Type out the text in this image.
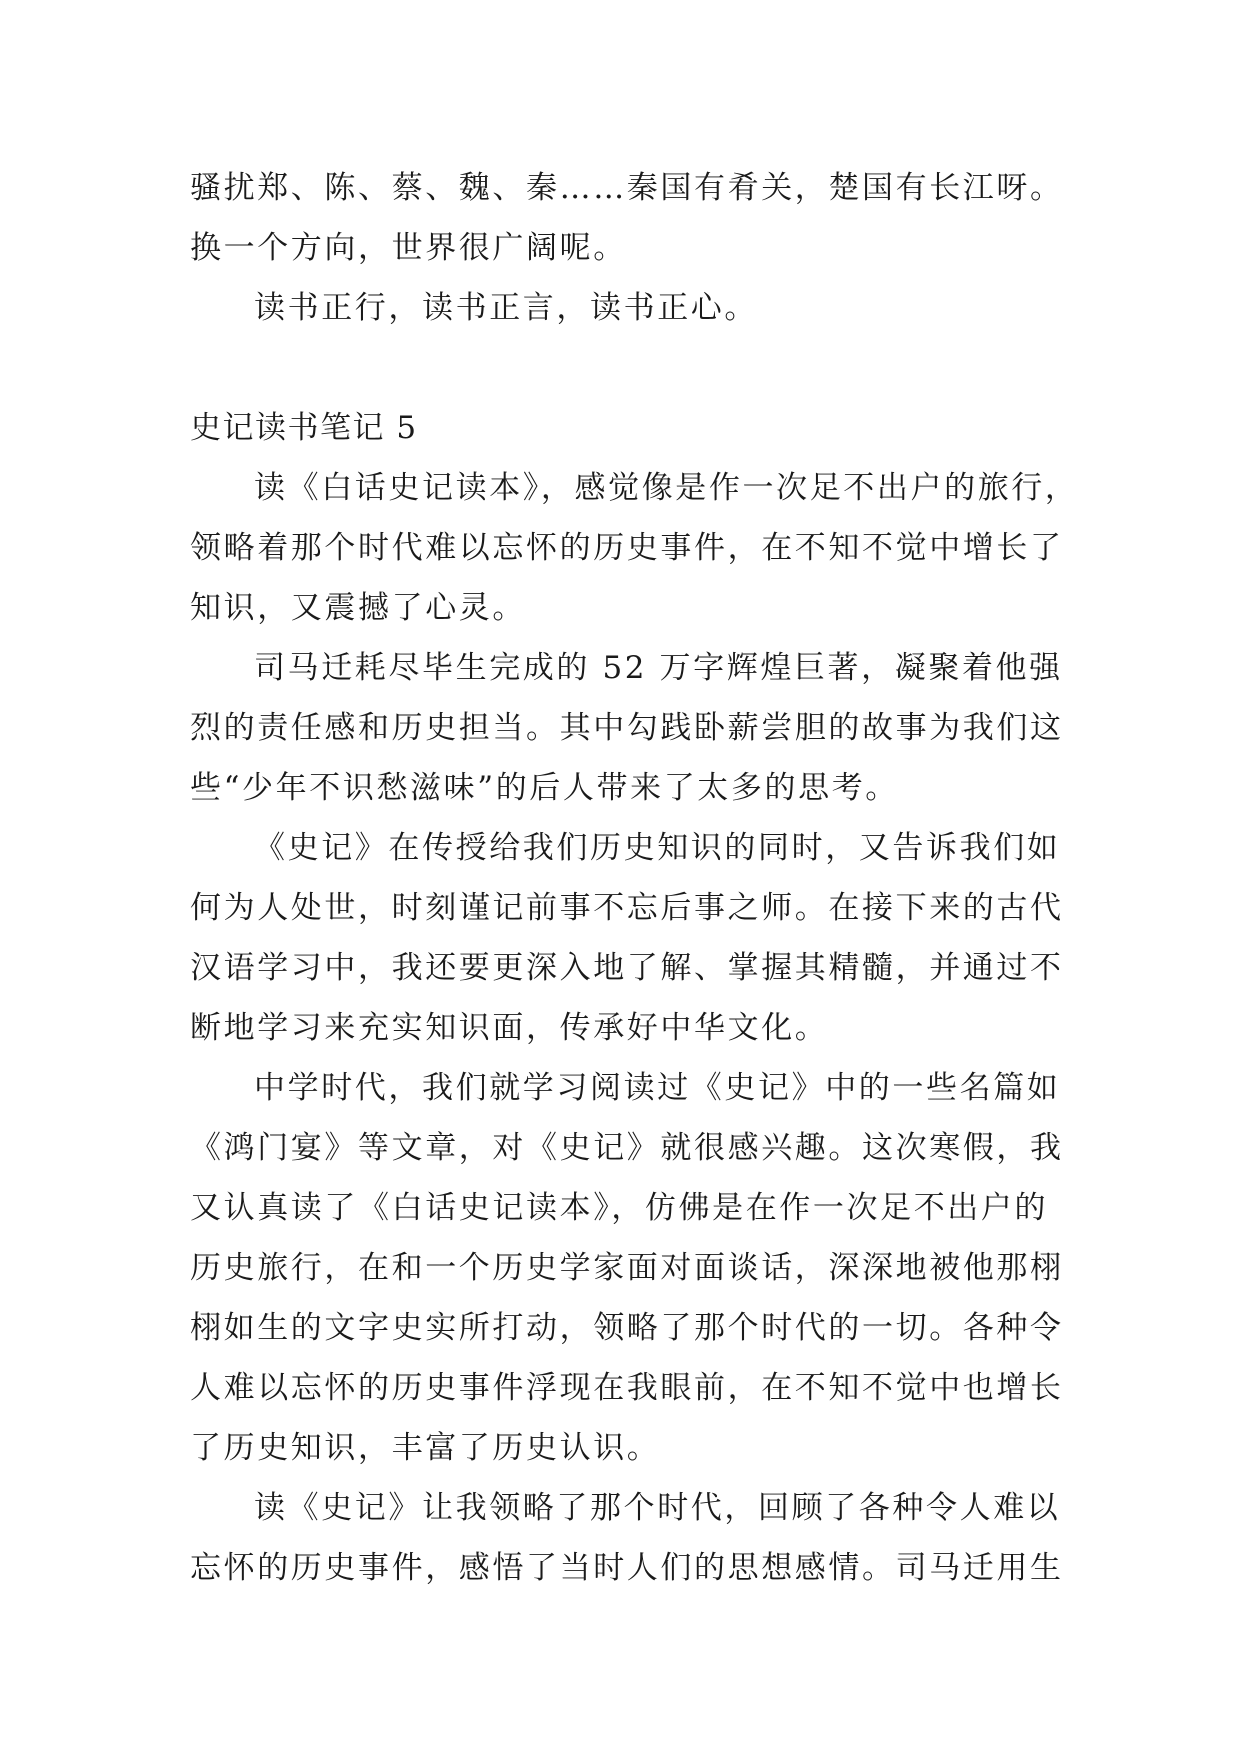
骚扰郑、陈、蔡、魏、秦……秦国有肴关，楚国有长江呀。
换一个方向，世界很广阔呢。
读书正行，读书正言，读书正心。
史记读书笔记 5
读《白话史记读本》，感觉像是作一次足不出户的旅行，
领略着那个时代难以忘怀的历史事件，在不知不觉中增长了
知识，又震撼了心灵。
司马迁耗尽毕生完成的 52 万字辉煌巨著，凝聚着他强
烈的责任感和历史担当。其中勾践卧薪尝胆的故事为我们这
些“少年不识愁滋味”的后人带来了太多的思考。
《史记》在传授给我们历史知识的同时，又告诉我们如
何为人处世，时刻谨记前事不忘后事之师。在接下来的古代
汉语学习中，我还要更深入地了解、掌握其精髓，并通过不
断地学习来充实知识面，传承好中华文化。
中学时代，我们就学习阅读过《史记》中的一些名篇如
《鸿门宴》等文章，对《史记》就很感兴趣。这次寒假，我
又认真读了《白话史记读本》，仿佛是在作一次足不出户的
历史旅行，在和一个历史学家面对面谈话，深深地被他那栩
栩如生的文字史实所打动，领略了那个时代的一切。各种令
人难以忘怀的历史事件浮现在我眼前，在不知不觉中也增长
了历史知识，丰富了历史认识。
读《史记》让我领略了那个时代，回顾了各种令人难以
忘怀的历史事件，感悟了当时人们的思想感情。司马迁用生
